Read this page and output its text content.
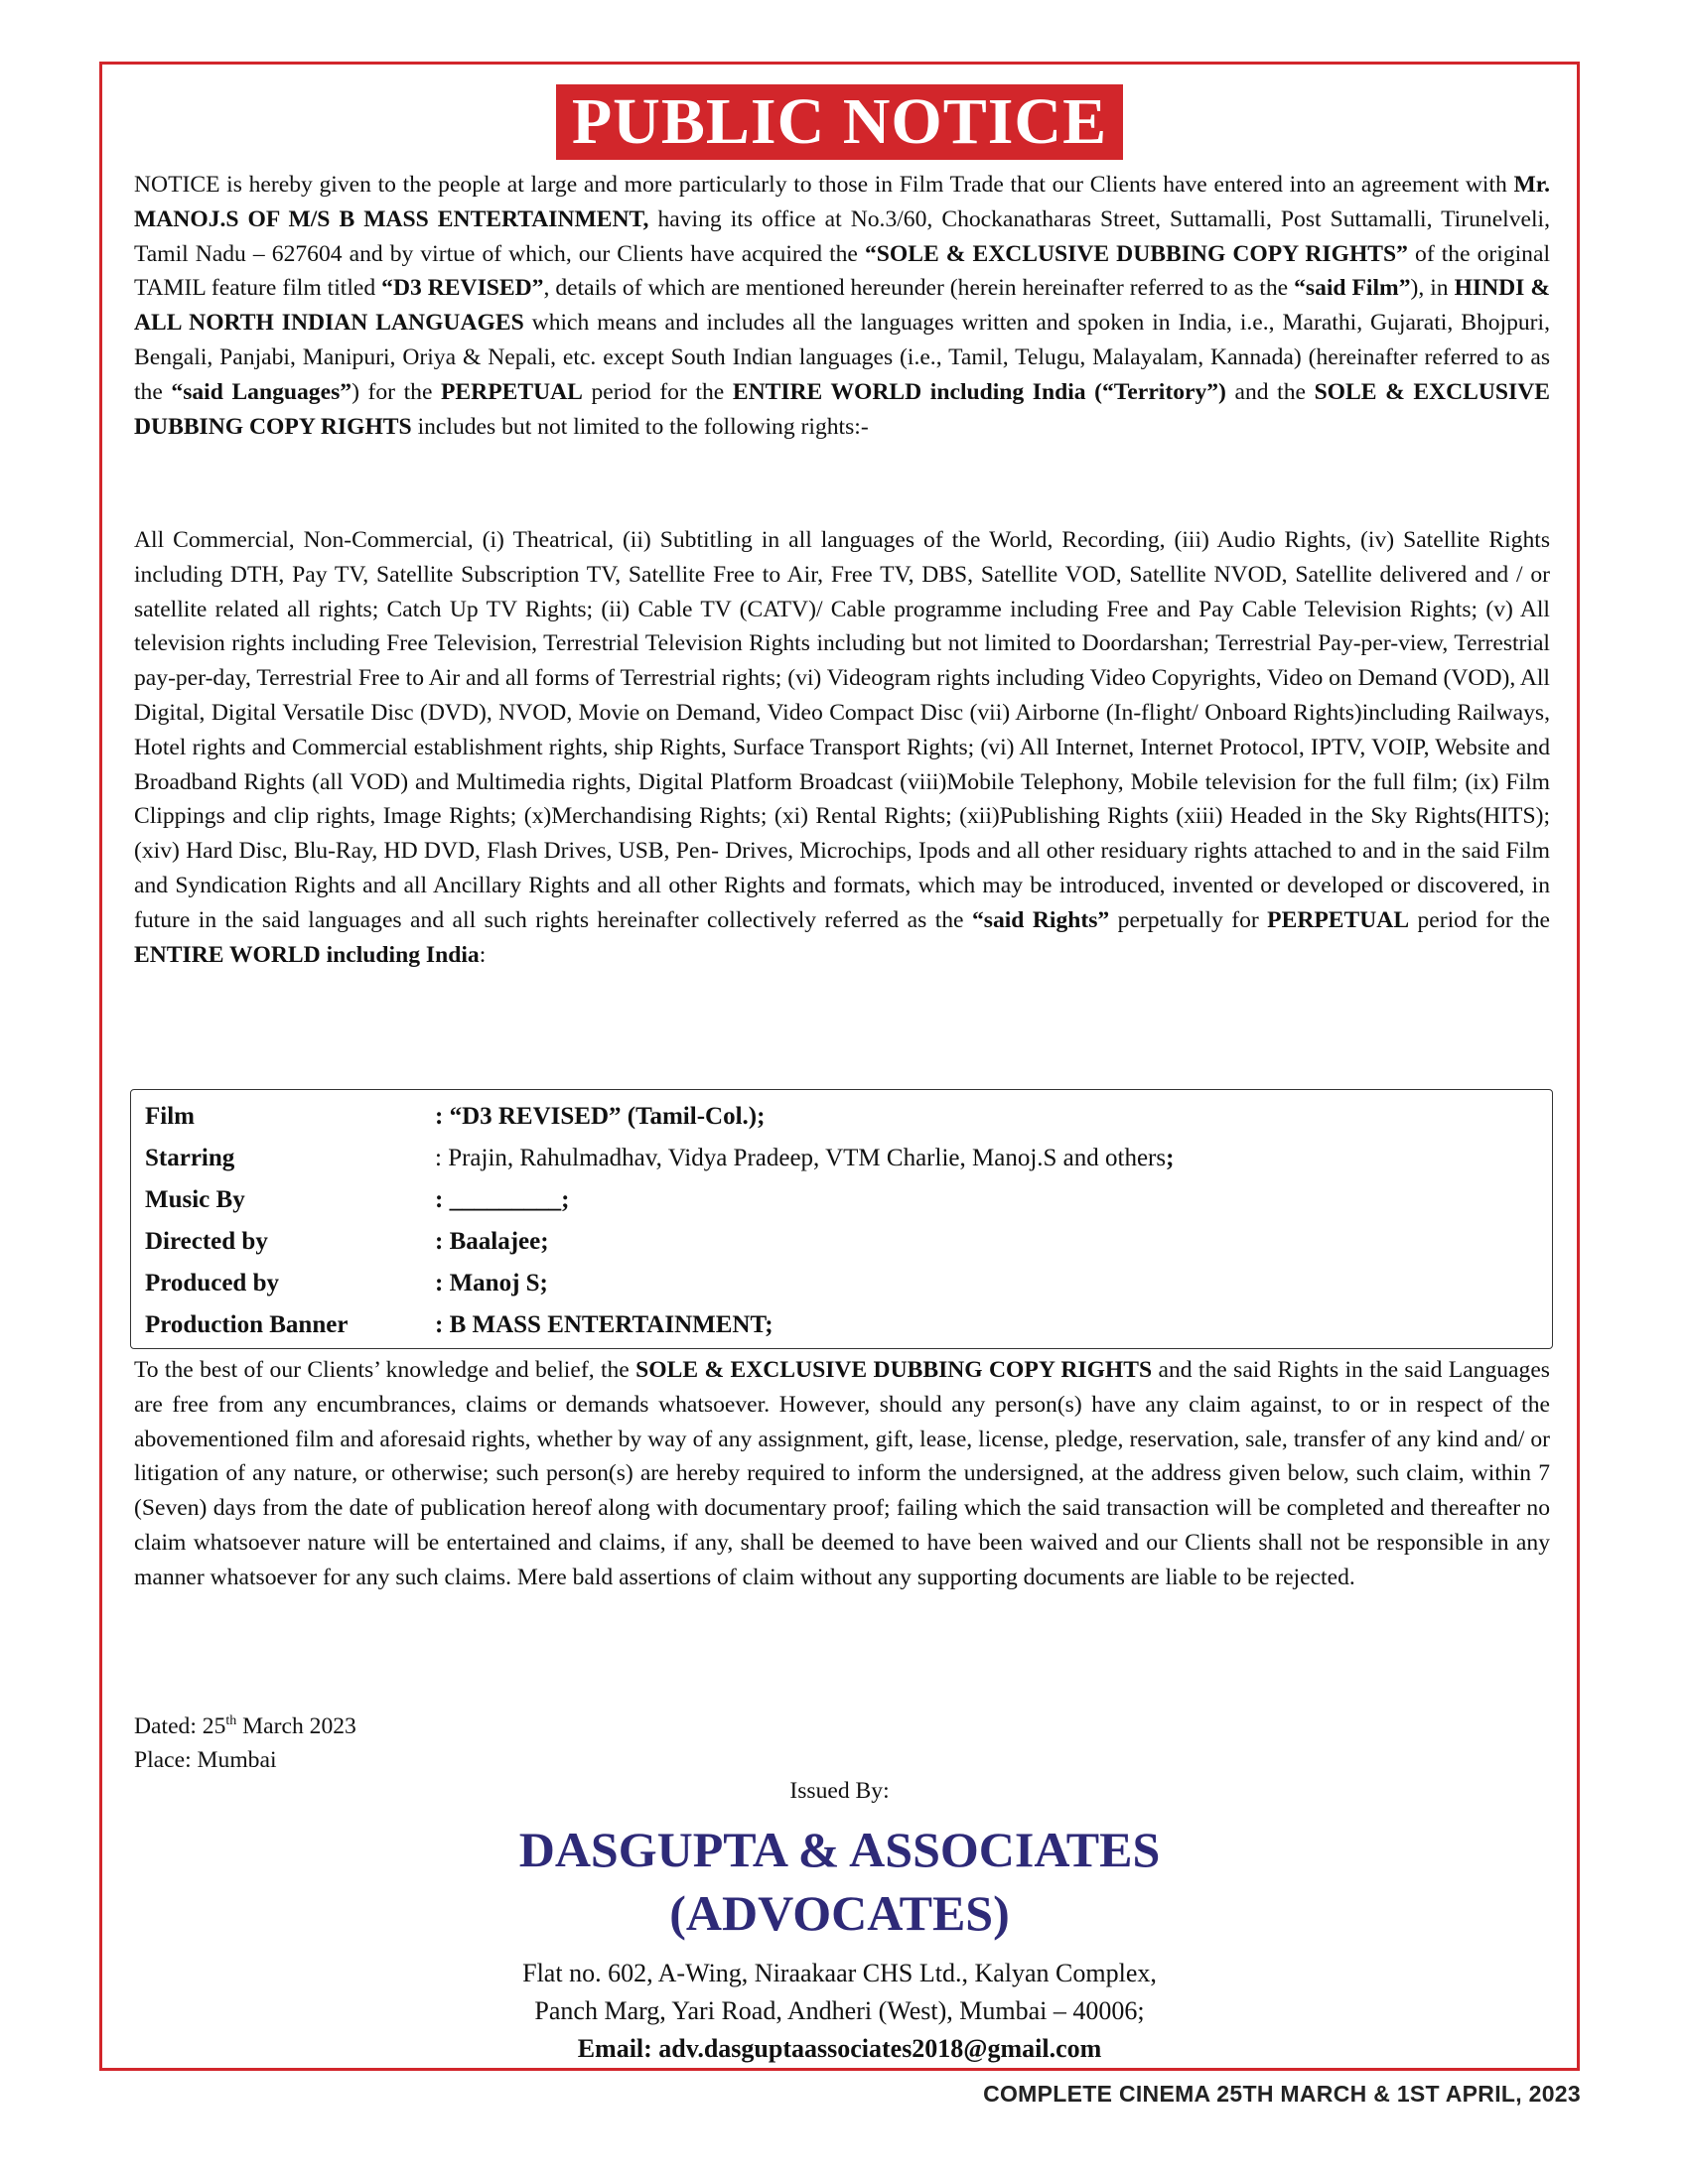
PUBLIC NOTICE

NOTICE is hereby given to the people at large and more particularly to those in Film Trade that our Clients have entered into an agreement with Mr. MANOJ.S OF M/S B MASS ENTERTAINMENT, having its office at No.3/60, Chockanatharas Street, Suttamalli, Post Suttamalli, Tirunelveli, Tamil Nadu – 627604 and by virtue of which, our Clients have acquired the “SOLE & EXCLUSIVE DUBBING COPY RIGHTS” of the original TAMIL feature film titled “D3 REVISED”, details of which are mentioned hereunder (herein hereinafter referred to as the “said Film”), in HINDI & ALL NORTH INDIAN LANGUAGES which means and includes all the languages written and spoken in India, i.e., Marathi, Gujarati, Bhojpuri, Bengali, Panjabi, Manipuri, Oriya & Nepali, etc. except South Indian languages (i.e., Tamil, Telugu, Malayalam, Kannada) (hereinafter referred to as the “said Languages”) for the PERPETUAL period for the ENTIRE WORLD including India (“Territory”) and the SOLE & EXCLUSIVE DUBBING COPY RIGHTS includes but not limited to the following rights:-

All Commercial, Non-Commercial, (i) Theatrical, (ii) Subtitling in all languages of the World, Recording, (iii) Audio Rights, (iv) Satellite Rights including DTH, Pay TV, Satellite Subscription TV, Satellite Free to Air, Free TV, DBS, Satellite VOD, Satellite NVOD, Satellite delivered and / or satellite related all rights; Catch Up TV Rights; (ii) Cable TV (CATV)/ Cable programme including Free and Pay Cable Television Rights; (v) All television rights including Free Television, Terrestrial Television Rights including but not limited to Doordarshan; Terrestrial Pay-per-view, Terrestrial pay-per-day, Terrestrial Free to Air and all forms of Terrestrial rights; (vi) Videogram rights including Video Copyrights, Video on Demand (VOD), All Digital, Digital Versatile Disc (DVD), NVOD, Movie on Demand, Video Compact Disc (vii) Airborne (In-flight/ Onboard Rights)including Railways, Hotel rights and Commercial establishment rights, ship Rights, Surface Transport Rights; (vi) All Internet, Internet Protocol, IPTV, VOIP, Website and Broadband Rights (all VOD) and Multimedia rights, Digital Platform Broadcast (viii)Mobile Telephony, Mobile television for the full film; (ix) Film Clippings and clip rights, Image Rights; (x)Merchandising Rights; (xi) Rental Rights; (xii)Publishing Rights (xiii) Headed in the Sky Rights(HITS);(xiv) Hard Disc, Blu-Ray, HD DVD, Flash Drives, USB, Pen- Drives, Microchips, Ipods and all other residuary rights attached to and in the said Film and Syndication Rights and all Ancillary Rights and all other Rights and formats, which may be introduced, invented or developed or discovered, in future in the said languages and all such rights hereinafter collectively referred as the “said Rights” perpetually for PERPETUAL period for the ENTIRE WORLD including India:

Film	: “D3 REVISED” (Tamil-Col.);
Starring	: Prajin, Rahulmadhav, Vidya Pradeep, VTM Charlie, Manoj.S and others;
Music By	: _________;
Directed by	: Baalajee;
Produced by	: Manoj S;
Production Banner	: B MASS ENTERTAINMENT;

To the best of our Clients’ knowledge and belief, the SOLE & EXCLUSIVE DUBBING COPY RIGHTS and the said Rights in the said Languages are free from any encumbrances, claims or demands whatsoever. However, should any person(s) have any claim against, to or in respect of the abovementioned film and aforesaid rights, whether by way of any assignment, gift, lease, license, pledge, reservation, sale, transfer of any kind and/ or litigation of any nature, or otherwise; such person(s) are hereby required to inform the undersigned, at the address given below, such claim, within 7 (Seven) days from the date of publication hereof along with documentary proof; failing which the said transaction will be completed and thereafter no claim whatsoever nature will be entertained and claims, if any, shall be deemed to have been waived and our Clients shall not be responsible in any manner whatsoever for any such claims. Mere bald assertions of claim without any supporting documents are liable to be rejected.

Dated: 25th March 2023
Place: Mumbai
Issued By:
DASGUPTA & ASSOCIATES
(ADVOCATES)
Flat no. 602, A-Wing, Niraakaar CHS Ltd., Kalyan Complex,
Panch Marg, Yari Road, Andheri (West), Mumbai – 40006;
Email: adv.dasguptaassociates2018@gmail.com
COMPLETE CINEMA 25TH MARCH & 1ST APRIL, 2023
